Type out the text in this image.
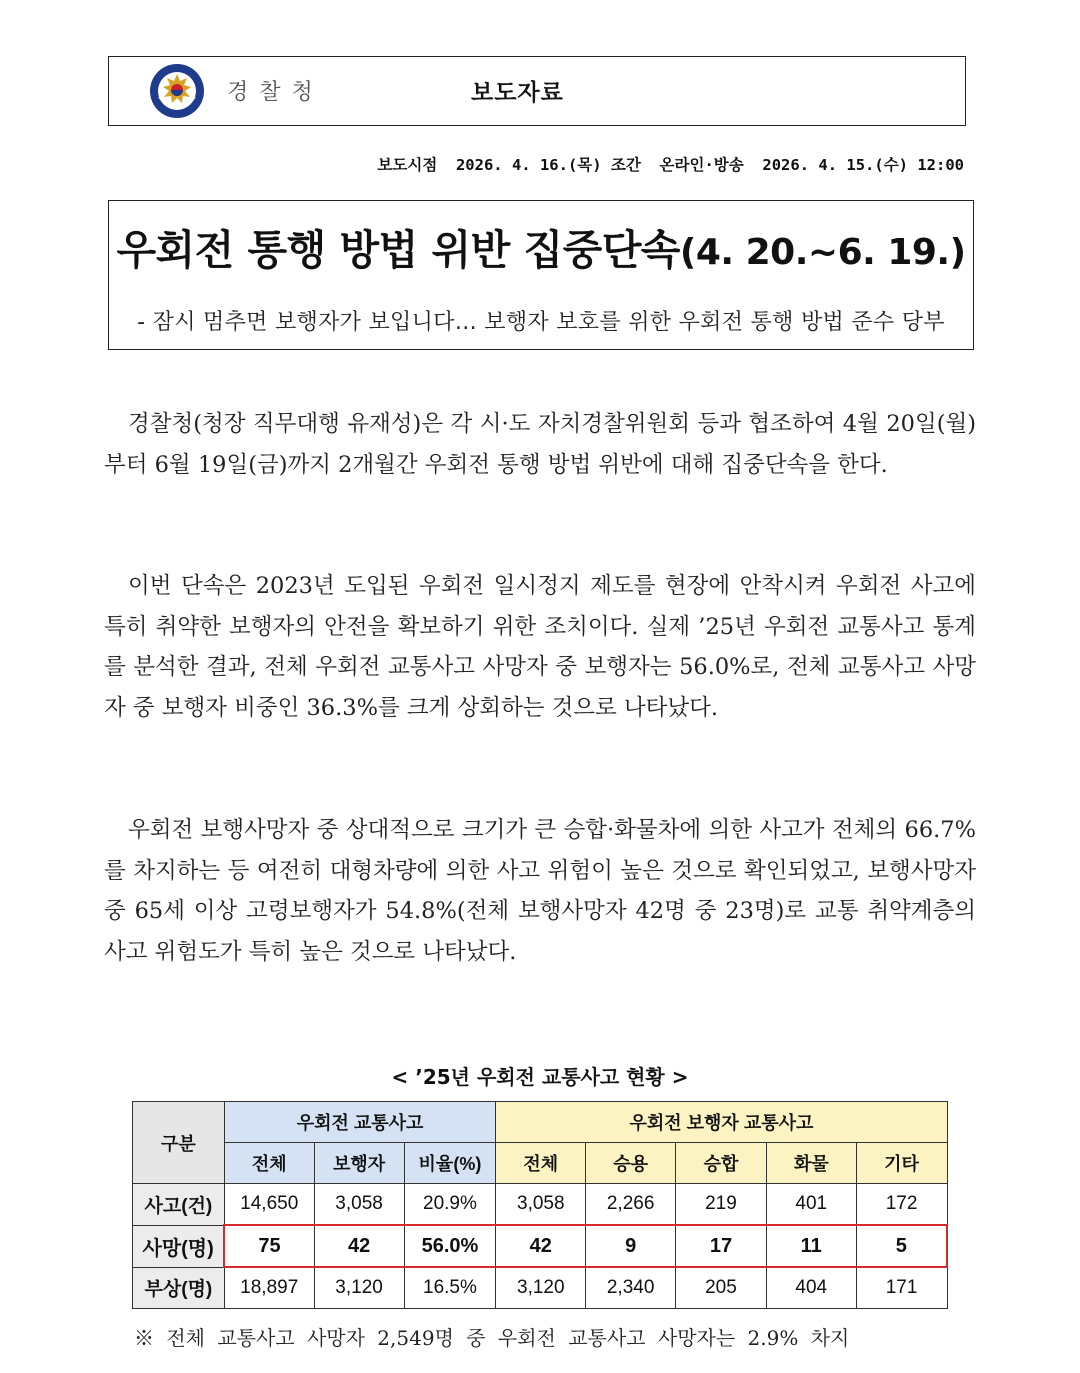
경 찰 청	보도자료
보도시점  2026. 4. 16.(목) 조간  온라인·방송  2026. 4. 15.(수) 12:00
우회전 통행 방법 위반 집중단속(4. 20.~6. 19.)
- 잠시 멈추면 보행자가 보입니다… 보행자 보호를 위한 우회전 통행 방법 준수 당부
경찰청(청장 직무대행 유재성)은 각 시·도 자치경찰위원회 등과 협조하여 4월 20일(월)부터 6월 19일(금)까지 2개월간 우회전 통행 방법 위반에 대해 집중단속을 한다.
이번 단속은 2023년 도입된 우회전 일시정지 제도를 현장에 안착시켜 우회전 사고에 특히 취약한 보행자의 안전을 확보하기 위한 조치이다. 실제 ’25년 우회전 교통사고 통계를 분석한 결과, 전체 우회전 교통사고 사망자 중 보행자는 56.0%로, 전체 교통사고 사망자 중 보행자 비중인 36.3%를 크게 상회하는 것으로 나타났다.
우회전 보행사망자 중 상대적으로 크기가 큰 승합·화물차에 의한 사고가 전체의 66.7%를 차지하는 등 여전히 대형차량에 의한 사고 위험이 높은 것으로 확인되었고, 보행사망자 중 65세 이상 고령보행자가 54.8%(전체 보행사망자 42명 중 23명)로 교통 취약계층의 사고 위험도가 특히 높은 것으로 나타났다.
< ’25년 우회전 교통사고 현황 >
구분	우회전 교통사고			우회전 보행자 교통사고				
	전체	보행자	비율(%)	전체	승용	승합	화물	기타
사고(건)	14,650	3,058	20.9%	3,058	2,266	219	401	172
사망(명)	75	42	56.0%	42	9	17	11	5
부상(명)	18,897	3,120	16.5%	3,120	2,340	205	404	171
※ 전체 교통사고 사망자 2,549명 중 우회전 교통사고 사망자는 2.9% 차지
